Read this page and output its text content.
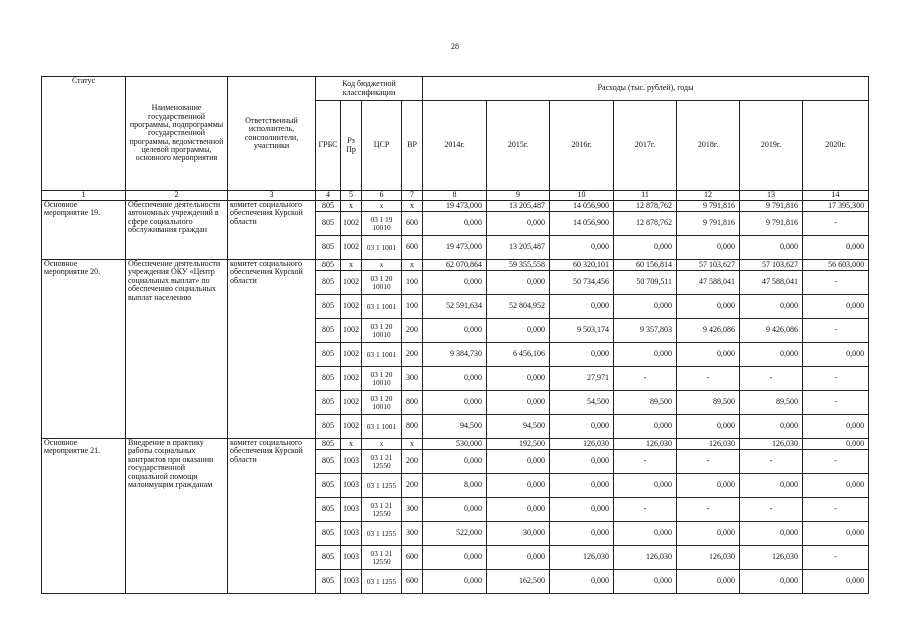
28
Статус	Наименование государственной программы, подпрограммы государственной программы, ведомственной целевой программы, основного мероприятия	Ответственный исполнитель, соисполнители, участники	Код бюджетной классификации				Расходы (тыс. рублей), годы						
			ГРБС	Рз Пр	ЦСР	ВР	2014г.	2015г.	2016г.	2017г.	2018г.	2019г.	2020г.
1	2	3	4	5	6	7	8	9	10	11	12	13	14
Основное мероприятие 19.	Обеспечение деятельности автономных учреждений в сфере социального обслуживания граждан	комитет социального обеспечения Курской области	805	х	х	х	19 473,000	13 205,487	14 056,900	12 878,762	9 791,816	9 791,816	17 395,300
			805	1002	03 1 19 10010	600	0,000	0,000	14 056,900	12 878,762	9 791,816	9 791,816	-
			805	1002	03 1 1001	600	19 473,000	13 205,487	0,000	0,000	0,000	0,000	0,000
Основное мероприятие 20.	Обеспечение деятельности учреждения ОКУ «Центр социальных выплат» по обеспечению социальных выплат населению	комитет социального обеспечения Курской области	805	х	х	х	62 070,864	59 355,558	60 320,101	60 156,814	57 103,627	57 103,627	56 603,000
			805	1002	03 1 20 10010	100	0,000	0,000	50 734,456	50 709,511	47 588,041	47 588,041	-
			805	1002	03 1 1001	100	52 591,634	52 804,952	0,000	0,000	0,000	0,000	0,000
			805	1002	03 1 20 10010	200	0,000	0,000	9 503,174	9 357,803	9 426,086	9 426,086	-
			805	1002	03 1 1001	200	9 384,730	6 456,106	0,000	0,000	0,000	0,000	0,000
			805	1002	03 1 20 10010	300	0,000	0,000	27,971	-	-	-	-
			805	1002	03 1 20 10010	800	0,000	0,000	54,500	89,500	89,500	89,500	-
			805	1002	03 1 1001	800	94,500	94,500	0,000	0,000	0,000	0,000	0,000
Основное мероприятие 21.	Внедрение в практику работы социальных контрактов при оказании государственной социальной помощи малоимущим гражданам	комитет социального обеспечения Курской области	805	х	х	х	530,000	192,500	126,030	126,030	126,030	126,030	0,000
			805	1003	03 1 21 12550	200	0,000	0,000	0,000	-	-	-	-
			805	1003	03 1 1255	200	8,000	0,000	0,000	0,000	0,000	0,000	0,000
			805	1003	03 1 21 12550	300	0,000	0,000	0,000	-	-	-	-
			805	1003	03 1 1255	300	522,000	30,000	0,000	0,000	0,000	0,000	0,000
			805	1003	03 1 21 12550	600	0,000	0,000	126,030	126,030	126,030	126,030	-
			805	1003	03 1 1255	600	0,000	162,500	0,000	0,000	0,000	0,000	0,000
